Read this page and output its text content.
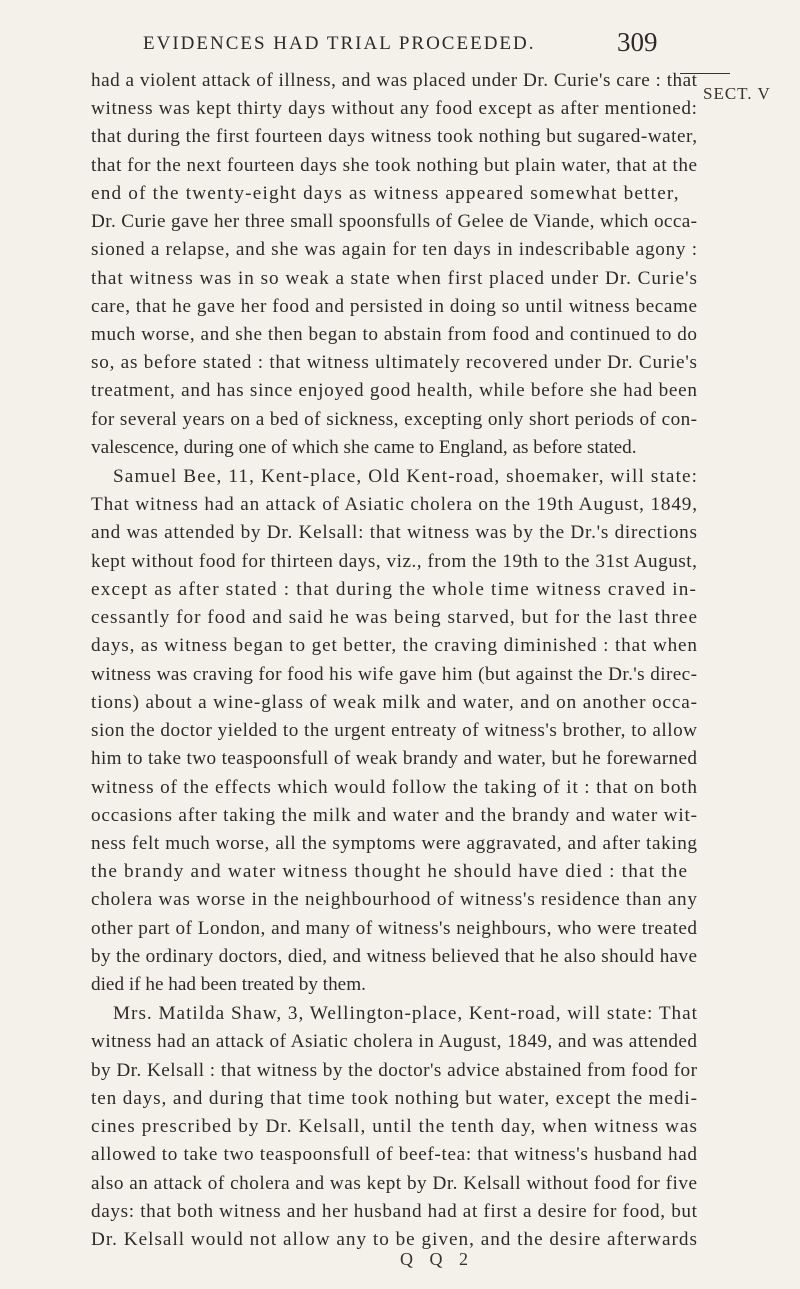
EVIDENCES HAD TRIAL PROCEEDED.	309
SECT. V
had a violent attack of illness, and was placed under Dr. Curie's care : that
witness was kept thirty days without any food except as after mentioned:
that during the first fourteen days witness took nothing but sugared-water,
that for the next fourteen days she took nothing but plain water, that at the
end of the twenty-eight days as witness appeared somewhat better,
Dr. Curie gave her three small spoonsfulls of Gelee de Viande, which occa-
sioned a relapse, and she was again for ten days in indescribable agony :
that witness was in so weak a state when first placed under Dr. Curie's
care, that he gave her food and persisted in doing so until witness became
much worse, and she then began to abstain from food and continued to do
so, as before stated : that witness ultimately recovered under Dr. Curie's
treatment, and has since enjoyed good health, while before she had been
for several years on a bed of sickness, excepting only short periods of con-
valescence, during one of which she came to England, as before stated.
Samuel Bee, 11, Kent-place, Old Kent-road, shoemaker, will state:
That witness had an attack of Asiatic cholera on the 19th August, 1849,
and was attended by Dr. Kelsall: that witness was by the Dr.'s directions
kept without food for thirteen days, viz., from the 19th to the 31st August,
except as after stated : that during the whole time witness craved in-
cessantly for food and said he was being starved, but for the last three
days, as witness began to get better, the craving diminished : that when
witness was craving for food his wife gave him (but against the Dr.'s direc-
tions) about a wine-glass of weak milk and water, and on another occa-
sion the doctor yielded to the urgent entreaty of witness's brother, to allow
him to take two teaspoonsfull of weak brandy and water, but he forewarned
witness of the effects which would follow the taking of it : that on both
occasions after taking the milk and water and the brandy and water wit-
ness felt much worse, all the symptoms were aggravated, and after taking
the brandy and water witness thought he should have died : that the
cholera was worse in the neighbourhood of witness's residence than any
other part of London, and many of witness's neighbours, who were treated
by the ordinary doctors, died, and witness believed that he also should have
died if he had been treated by them.
Mrs. Matilda Shaw, 3, Wellington-place, Kent-road, will state: That
witness had an attack of Asiatic cholera in August, 1849, and was attended
by Dr. Kelsall : that witness by the doctor's advice abstained from food for
ten days, and during that time took nothing but water, except the medi-
cines prescribed by Dr. Kelsall, until the tenth day, when witness was
allowed to take two teaspoonsfull of beef-tea: that witness's husband had
also an attack of cholera and was kept by Dr. Kelsall without food for five
days: that both witness and her husband had at first a desire for food, but
Dr. Kelsall would not allow any to be given, and the desire afterwards
Q Q 2
